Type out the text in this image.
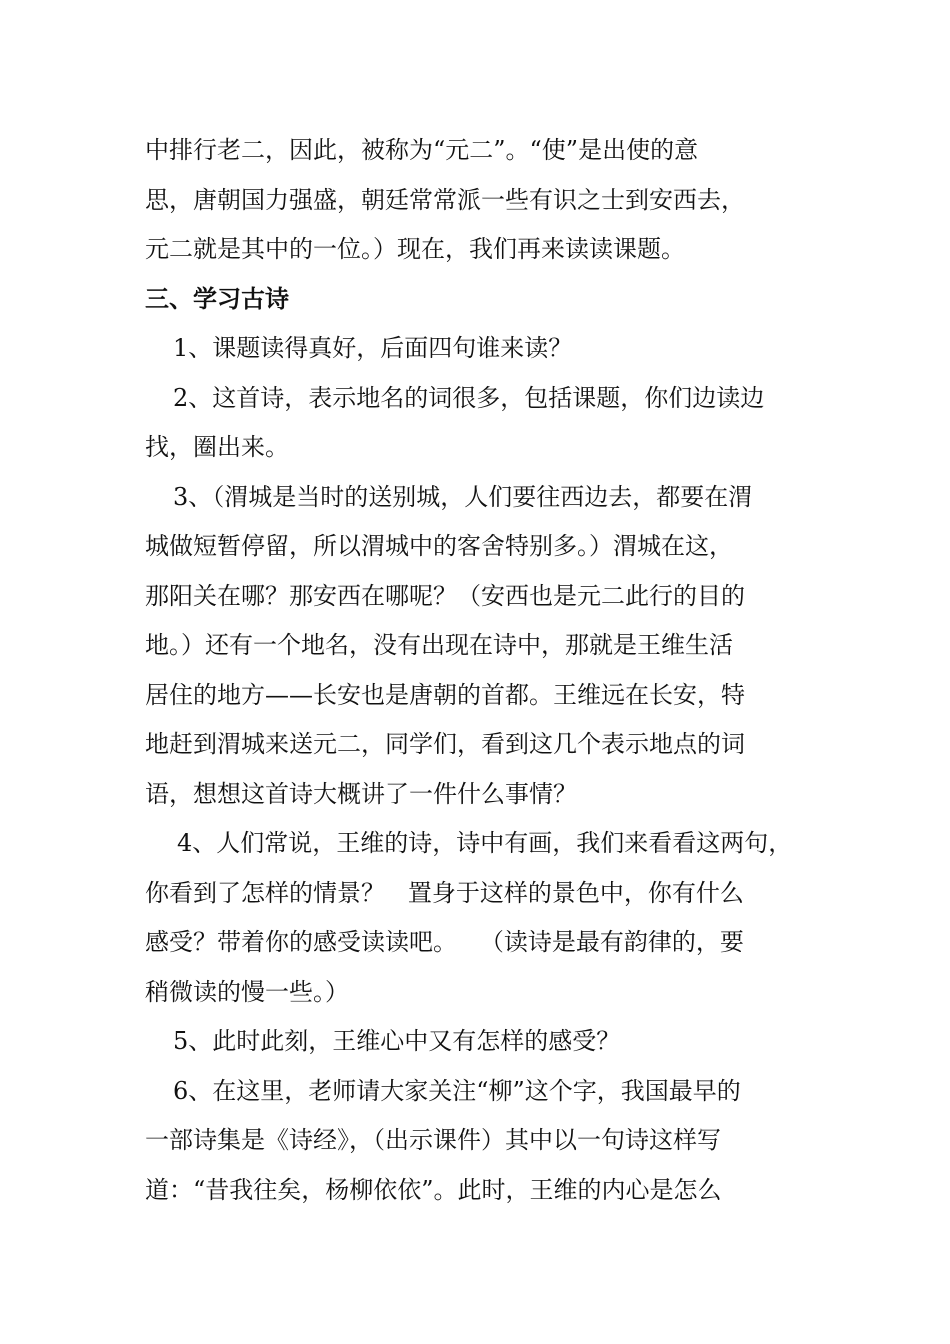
中排行老二，因此，被称为“元二”。“使”是出使的意
思，唐朝国力强盛，朝廷常常派一些有识之士到安西去，
元二就是其中的一位。）现在，我们再来读读课题。
三、学习古诗
1、课题读得真好，后面四句谁来读？
2、这首诗，表示地名的词很多，包括课题，你们边读边
找，圈出来。
3、（渭城是当时的送别城，人们要往西边去，都要在渭
城做短暂停留，所以渭城中的客舍特别多。）渭城在这，
那阳关在哪？那安西在哪呢？（安西也是元二此行的目的
地。）还有一个地名，没有出现在诗中，那就是王维生活
居住的地方——长安也是唐朝的首都。王维远在长安，特
地赶到渭城来送元二，同学们，看到这几个表示地点的词
语，想想这首诗大概讲了一件什么事情？
4、人们常说，王维的诗，诗中有画，我们来看看这两句，
你看到了怎样的情景？   置身于这样的景色中，你有什么
感受？带着你的感受读读吧。   （读诗是最有韵律的，要
稍微读的慢一些。）
5、此时此刻，王维心中又有怎样的感受？
6、在这里，老师请大家关注“柳”这个字，我国最早的
一部诗集是《诗经》，（出示课件）其中以一句诗这样写
道：“昔我往矣，杨柳依依”。此时，王维的内心是怎么
